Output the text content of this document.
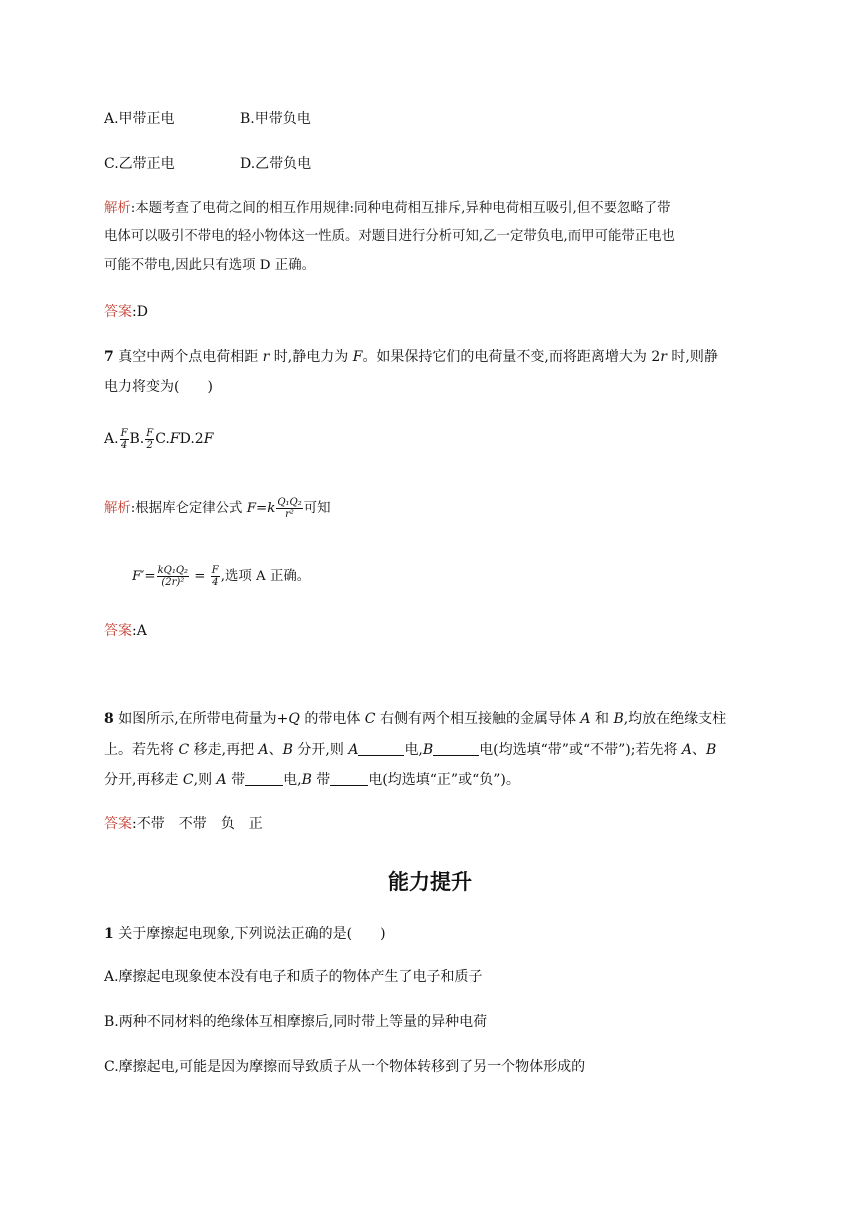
A.甲带正电	B.甲带负电
C.乙带正电	D.乙带负电
解析:本题考查了电荷之间的相互作用规律:同种电荷相互排斥,异种电荷相互吸引,但不要忽略了带
电体可以吸引不带电的轻小物体这一性质。对题目进行分析可知,乙一定带负电,而甲可能带正电也
可能不带电,因此只有选项 D 正确。
答案:D
7 真空中两个点电荷相距 r 时,静电力为 F。如果保持它们的电荷量不变,而将距离增大为 2r 时,则静
电力将变为(　　)
A. $\frac{F}{4} B$. $\frac{F}{2} C.FD.2F$
解析:根据库仑定律公式 $F=k \frac{\text{Q₁Q₂}}{\text{r²}}$ 可知
$F'= \frac{\text{kQ₁Q₂}}{\text{(2r)²}} = \frac{F}{4}$ ,选项 A 正确。
答案:A
8 如图所示,在所带电荷量为+Q 的带电体 C 右侧有两个相互接触的金属导体 A 和 B,均放在绝缘支柱
上。若先将 C 移走,再把 A、B 分开,则 A	电,B	电(均选填“带”或“不带”);若先将 A、B
分开,再移走 C,则 A 带	电,B 带	电(均选填“正”或“负”)。
答案:不带　不带　负　正
能力提升
1 关于摩擦起电现象,下列说法正确的是(　　)
A.摩擦起电现象使本没有电子和质子的物体产生了电子和质子
B.两种不同材料的绝缘体互相摩擦后,同时带上等量的异种电荷
C.摩擦起电,可能是因为摩擦而导致质子从一个物体转移到了另一个物体形成的
